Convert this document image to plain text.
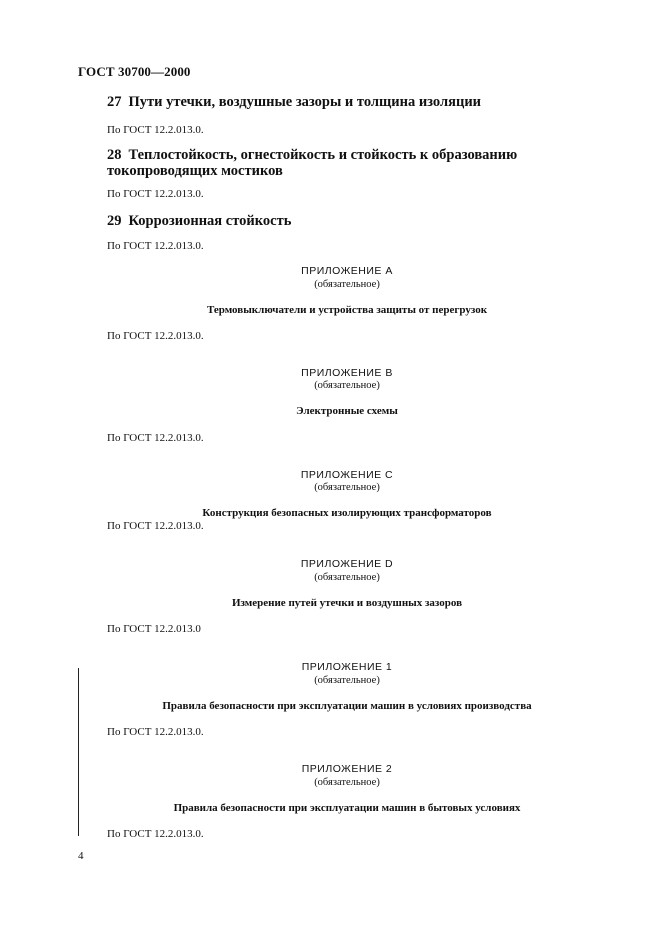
ГОСТ 30700—2000
27 Пути утечки, воздушные зазоры и толщина изоляции
По ГОСТ 12.2.013.0.
28 Теплостойкость, огнестойкость и стойкость к образованию токопроводящих мостиков
По ГОСТ 12.2.013.0.
29 Коррозионная стойкость
По ГОСТ 12.2.013.0.
ПРИЛОЖЕНИЕ А
(обязательное)
Термовыключатели и устройства защиты от перегрузок
По ГОСТ 12.2.013.0.
ПРИЛОЖЕНИЕ В
(обязательное)
Электронные схемы
По ГОСТ 12.2.013.0.
ПРИЛОЖЕНИЕ С
(обязательное)
Конструкция безопасных изолирующих трансформаторов
По ГОСТ 12.2.013.0.
ПРИЛОЖЕНИЕ D
(обязательное)
Измерение путей утечки и воздушных зазоров
По ГОСТ 12.2.013.0
ПРИЛОЖЕНИЕ 1
(обязательное)
Правила безопасности при эксплуатации машин в условиях производства
По ГОСТ 12.2.013.0.
ПРИЛОЖЕНИЕ 2
(обязательное)
Правила безопасности при эксплуатации машин в бытовых условиях
По ГОСТ 12.2.013.0.
4
